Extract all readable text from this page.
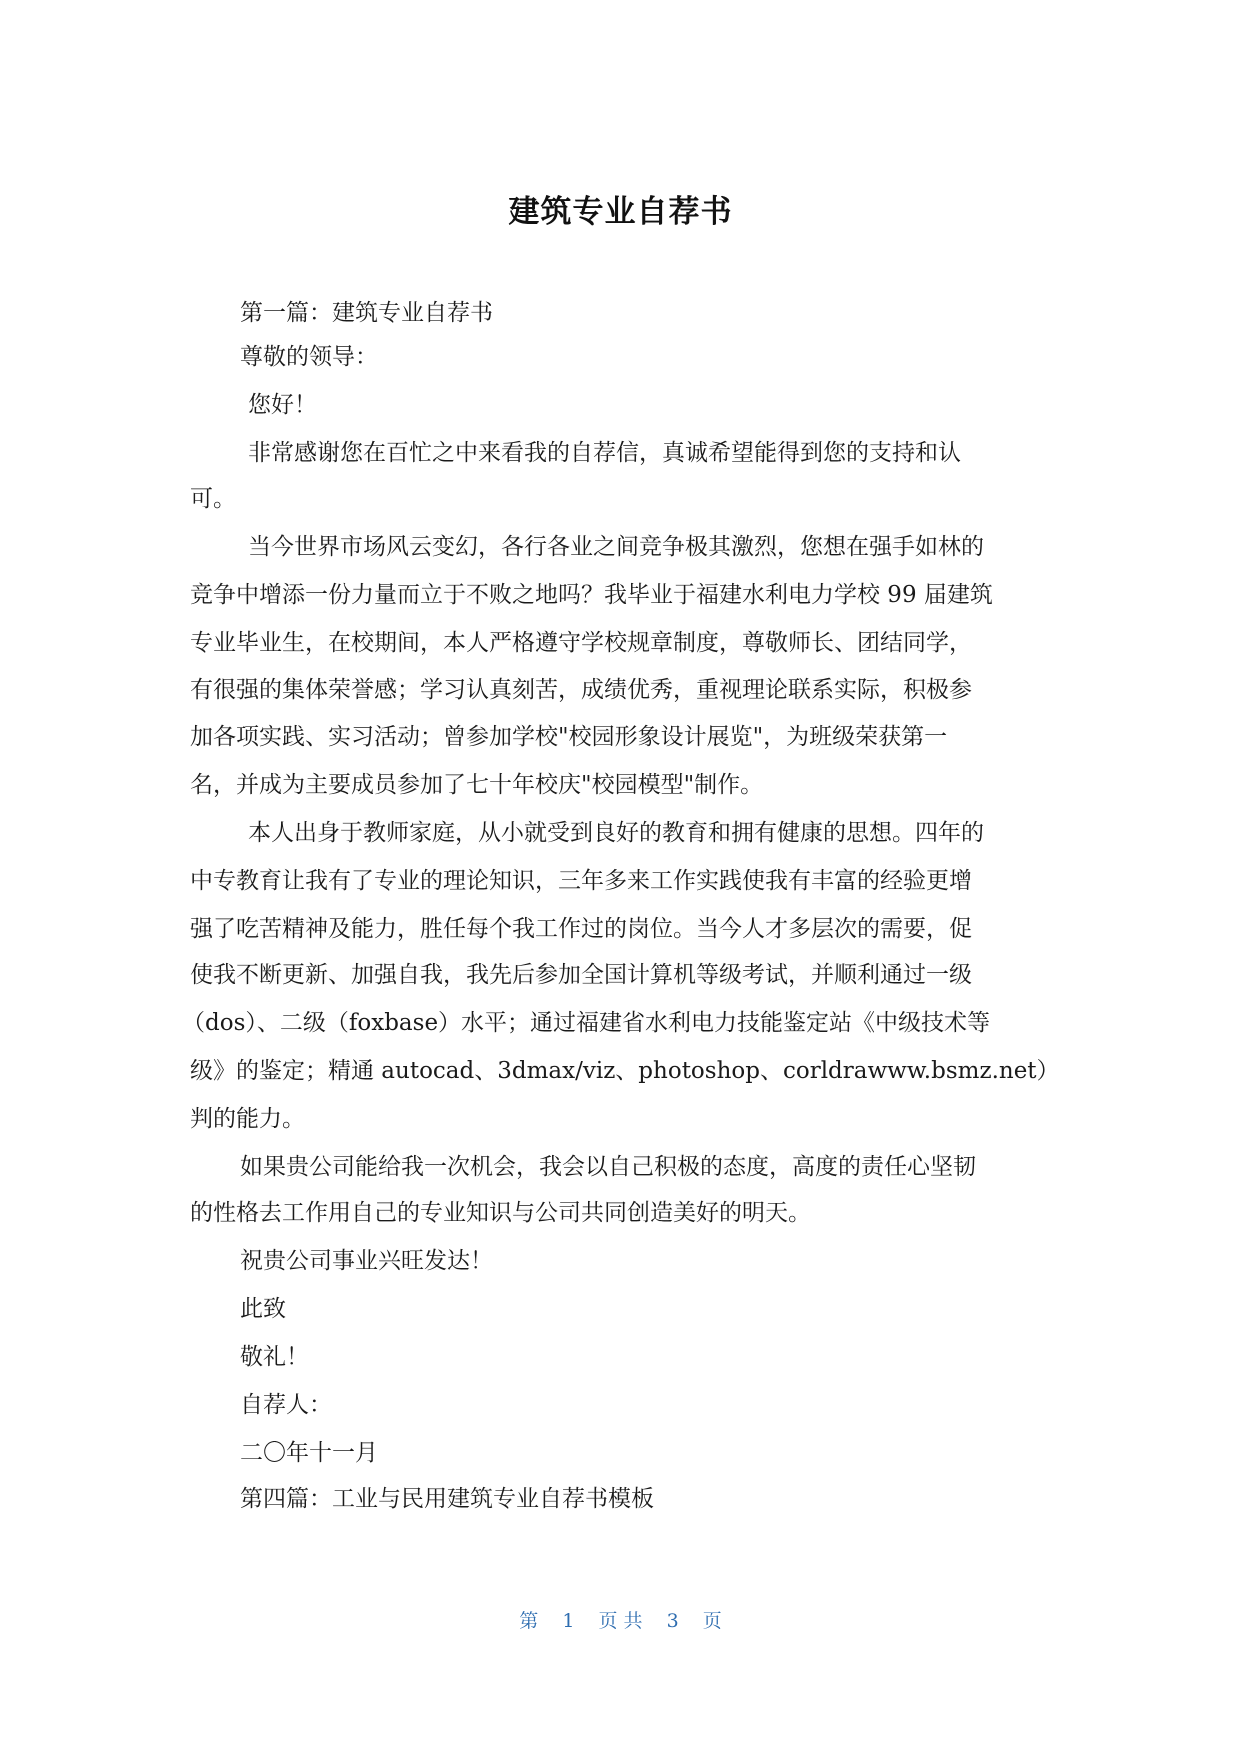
建筑专业自荐书
第一篇：建筑专业自荐书
尊敬的领导：
您好！
非常感谢您在百忙之中来看我的自荐信，真诚希望能得到您的支持和认
可。
当今世界市场风云变幻，各行各业之间竞争极其激烈，您想在强手如林的
竞争中增添一份力量而立于不败之地吗？我毕业于福建水利电力学校 99 届建筑
专业毕业生，在校期间，本人严格遵守学校规章制度，尊敬师长、团结同学，
有很强的集体荣誉感；学习认真刻苦，成绩优秀，重视理论联系实际，积极参
加各项实践、实习活动；曾参加学校"校园形象设计展览"，为班级荣获第一
名，并成为主要成员参加了七十年校庆"校园模型"制作。
本人出身于教师家庭，从小就受到良好的教育和拥有健康的思想。四年的
中专教育让我有了专业的理论知识，三年多来工作实践使我有丰富的经验更增
强了吃苦精神及能力，胜任每个我工作过的岗位。当今人才多层次的需要，促
使我不断更新、加强自我，我先后参加全国计算机等级考试，并顺利通过一级
（dos）、二级（foxbase）水平；通过福建省水利电力技能鉴定站《中级技术等
级》的鉴定；精通 autocad、3dmax/viz、photoshop、corldrawww.bsmz.net）
判的能力。
如果贵公司能给我一次机会，我会以自己积极的态度，高度的责任心坚韧
的性格去工作用自己的专业知识与公司共同创造美好的明天。
祝贵公司事业兴旺发达！
此致
敬礼！
自荐人：
二〇年十一月
第四篇：工业与民用建筑专业自荐书模板
第 1 页 共 3 页
